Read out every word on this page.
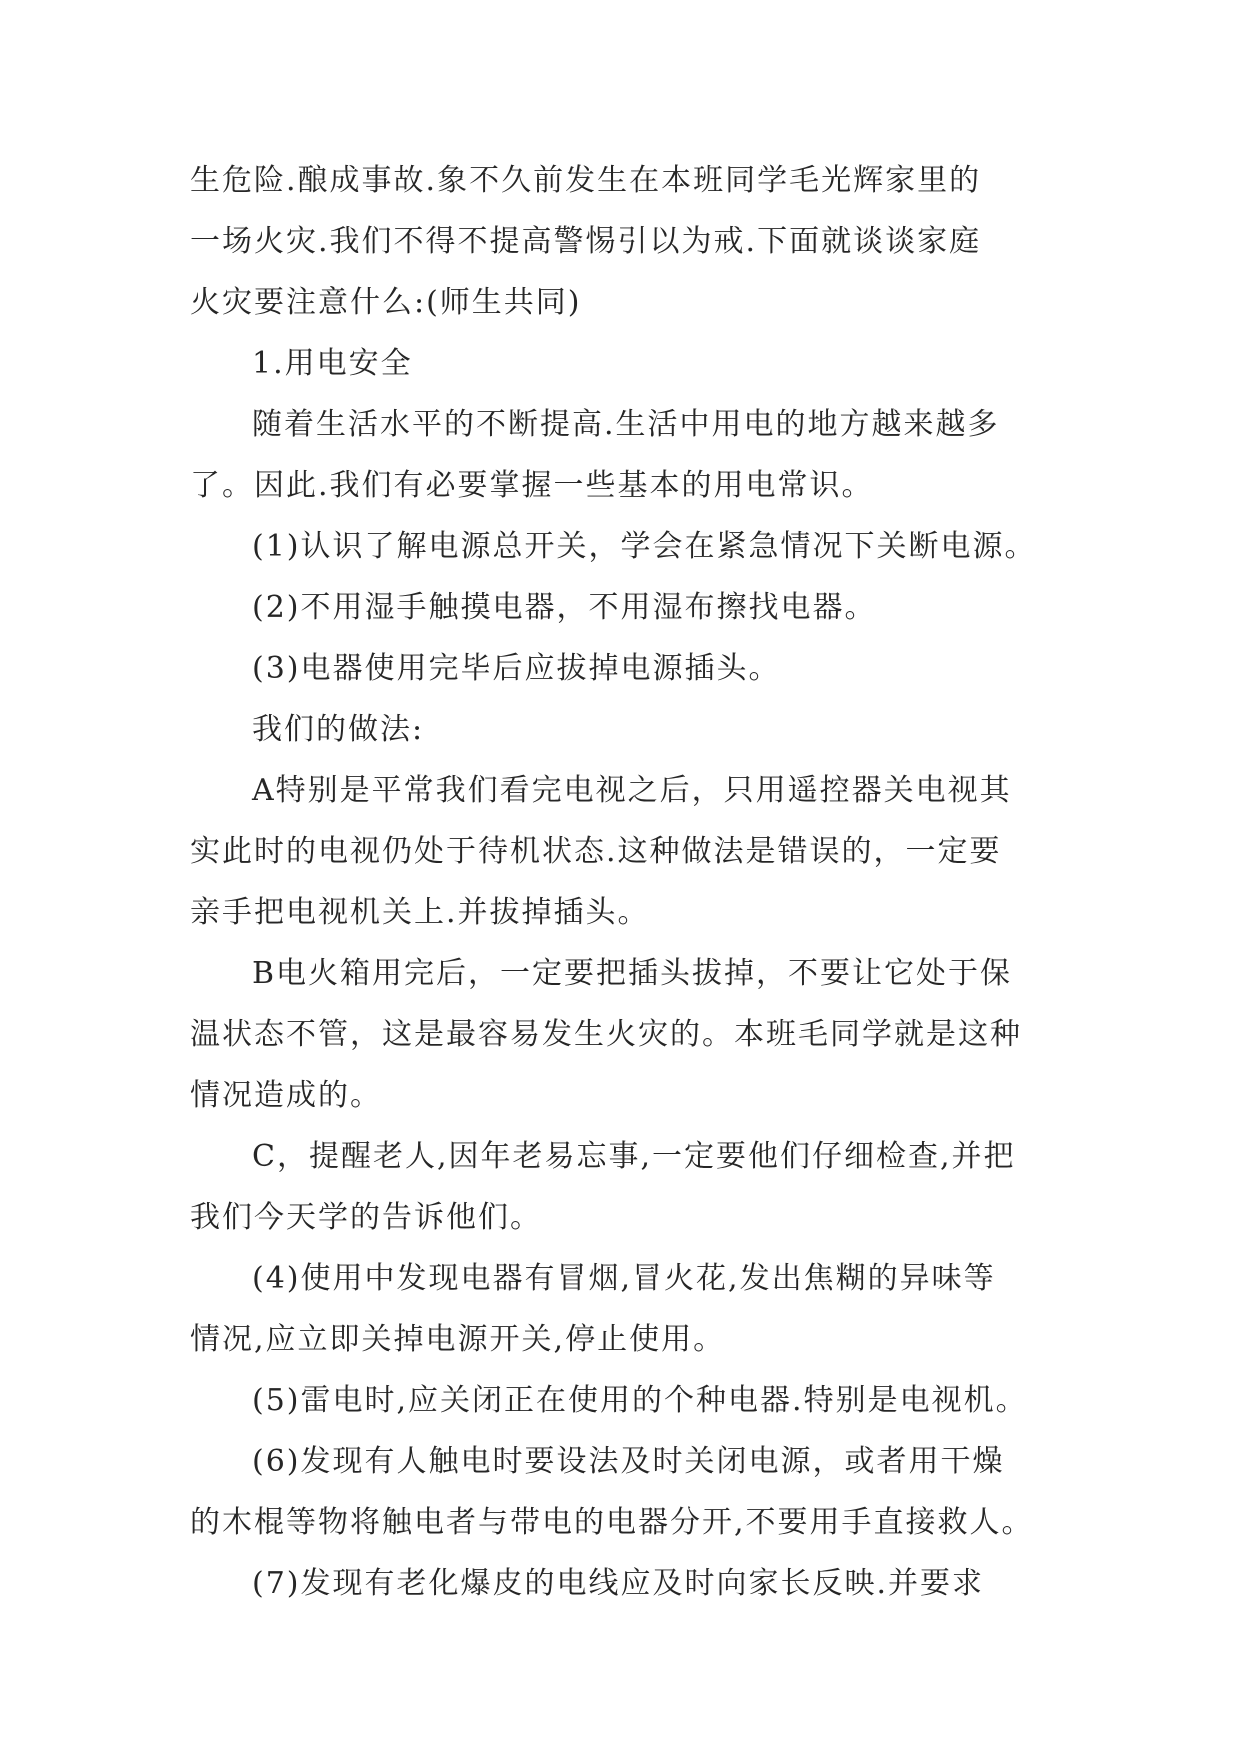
生危险.酿成事故.象不久前发生在本班同学毛光辉家里的

一场火灾.我们不得不提高警惕引以为戒.下面就谈谈家庭

火灾要注意什么:(师生共同)

1.用电安全

随着生活水平的不断提高.生活中用电的地方越来越多

了。因此.我们有必要掌握一些基本的用电常识。

(1)认识了解电源总开关，学会在紧急情况下关断电源。

(2)不用湿手触摸电器，不用湿布擦找电器。

(3)电器使用完毕后应拔掉电源插头。

我们的做法:

A特别是平常我们看完电视之后，只用遥控器关电视其

实此时的电视仍处于待机状态.这种做法是错误的，一定要

亲手把电视机关上.并拔掉插头。

B电火箱用完后，一定要把插头拔掉，不要让它处于保

温状态不管，这是最容易发生火灾的。本班毛同学就是这种

情况造成的。

C，提醒老人,因年老易忘事,一定要他们仔细检查,并把

我们今天学的告诉他们。

(4)使用中发现电器有冒烟,冒火花,发出焦糊的异味等

情况,应立即关掉电源开关,停止使用。

(5)雷电时,应关闭正在使用的个种电器.特别是电视机。

(6)发现有人触电时要设法及时关闭电源，或者用干燥

的木棍等物将触电者与带电的电器分开,不要用手直接救人。

(7)发现有老化爆皮的电线应及时向家长反映.并要求
